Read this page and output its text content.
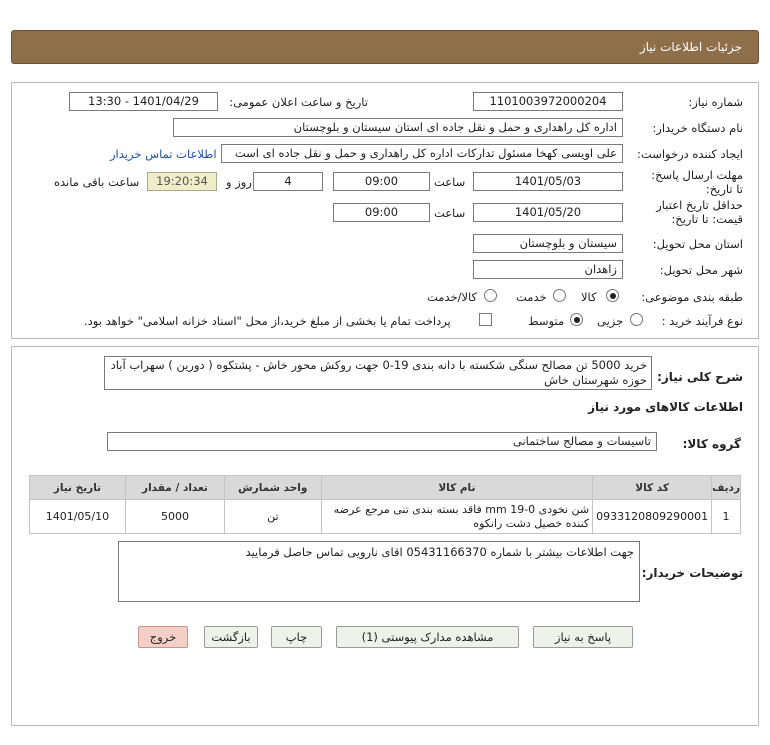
جزئیات اطلاعات نیاز
شماره نیاز:
1101003972000204
تاریخ و ساعت اعلان عمومی:
1401/04/29 - 13:30
نام دستگاه خریدار:
اداره کل راهداری و حمل و نقل جاده ای استان سیستان و بلوچستان
ایجاد کننده درخواست:
علی اویسی کهخا مسئول تدارکات اداره کل راهداری و حمل و نقل جاده ای است
اطلاعات تماس خریدار
مهلت ارسال پاسخ: تا تاریخ:
1401/05/03
ساعت
09:00
4
روز و
19:20:34
ساعت باقی مانده
حداقل تاریخ اعتبار قیمت: تا تاریخ:
1401/05/20
ساعت
09:00
استان محل تحویل:
سیستان و بلوچستان
شهر محل تحویل:
زاهدان
طبقه بندی موضوعی:
کالا
خدمت
کالا/خدمت
نوع فرآیند خرید :
جزیی
متوسط
پرداخت تمام یا بخشی از مبلغ خرید،از محل "اسناد خزانه اسلامی" خواهد بود.
شرح کلی نیاز:
خرید 5000 تن مصالح سنگی شکسته با دانه بندی 19-0 جهت روکش محور خاش - پشتکوه ( دورین ) سهراب آباد حوزه شهرستان خاش
اطلاعات کالاهای مورد نیاز
گروه کالا:
تاسیسات و مصالح ساختمانی
ردیف	کد کالا	نام کالا	واحد شمارش	تعداد / مقدار	تاریخ نیاز
1	0933120809290001	شن نخودی mm 19-0 فاقد بسته بندی تنی مرجع عرضه کننده خصیل دشت رانکوه	تن	5000	1401/05/10
توضیحات خریدار:
جهت اطلاعات بیشتر با شماره 05431166370 اقای نارویی تماس حاصل فرمایید
پاسخ به نیاز
مشاهده مدارک پیوستی (1)
چاپ
بازگشت
خروج
